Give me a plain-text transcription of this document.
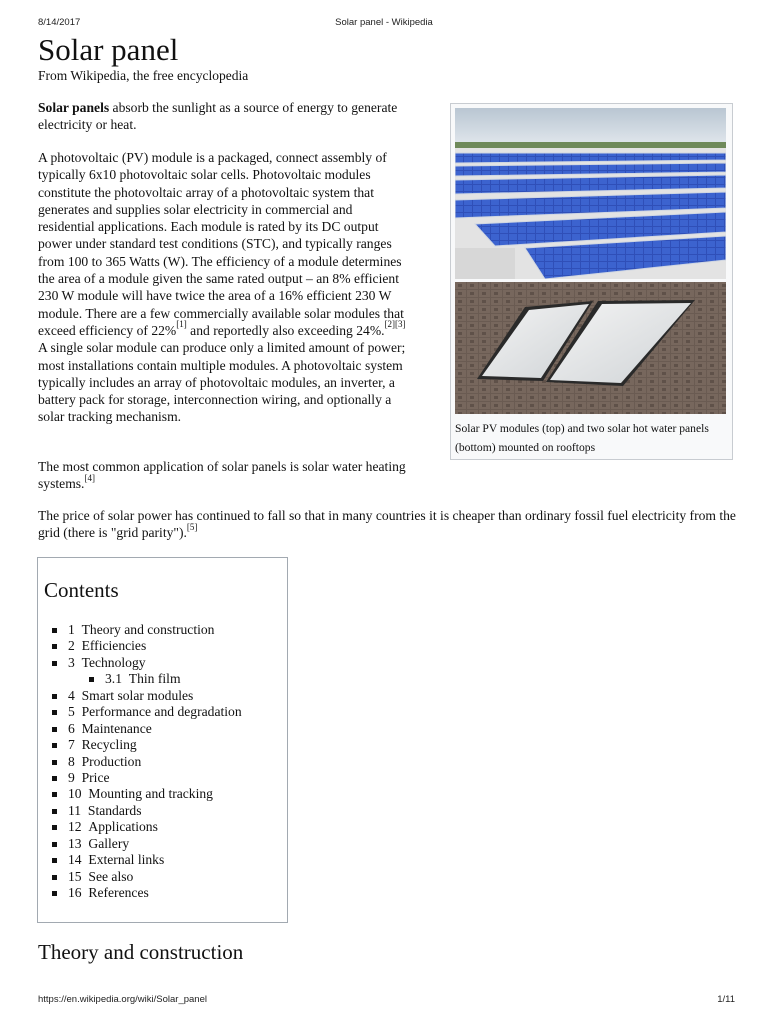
8/14/2017	Solar panel - Wikipedia
Solar panel
From Wikipedia, the free encyclopedia

Solar panels absorb the sunlight as a source of energy to generate electricity or heat.

A photovoltaic (PV) module is a packaged, connect assembly of typically 6x10 photovoltaic solar cells. Photovoltaic modules constitute the photovoltaic array of a photovoltaic system that generates and supplies solar electricity in commercial and residential applications. Each module is rated by its DC output power under standard test conditions (STC), and typically ranges from 100 to 365 Watts (W). The efficiency of a module determines the area of a module given the same rated output – an 8% efficient 230 W module will have twice the area of a 16% efficient 230 W module. There are a few commercially available solar modules that exceed efficiency of 22%[1] and reportedly also exceeding 24%.[2][3] A single solar module can produce only a limited amount of power; most installations contain multiple modules. A photovoltaic system typically includes an array of photovoltaic modules, an inverter, a battery pack for storage, interconnection wiring, and optionally a solar tracking mechanism.

The most common application of solar panels is solar water heating systems.[4]

The price of solar power has continued to fall so that in many countries it is cheaper than ordinary fossil fuel electricity from the grid (there is "grid parity").[5]

Solar PV modules (top) and two solar hot water panels (bottom) mounted on rooftops
Contents
1 Theory and construction
2 Efficiencies
3 Technology
3.1 Thin film
4 Smart solar modules
5 Performance and degradation
6 Maintenance
7 Recycling
8 Production
9 Price
10 Mounting and tracking
11 Standards
12 Applications
13 Gallery
14 External links
15 See also
16 References
Theory and construction
https://en.wikipedia.org/wiki/Solar_panel	1/11
